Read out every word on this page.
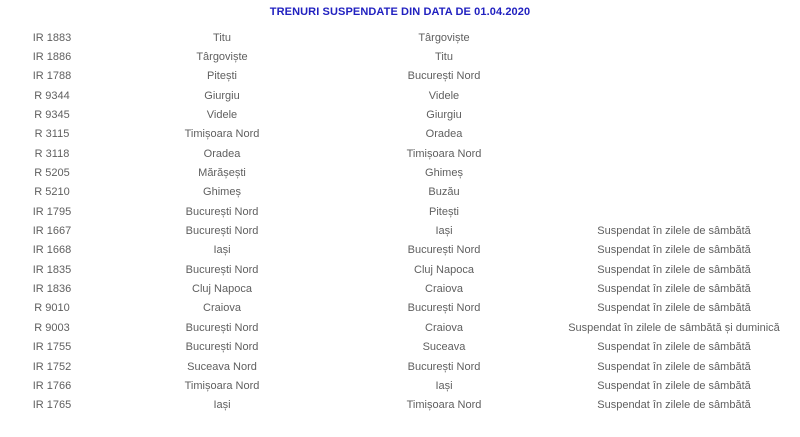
TRENURI SUSPENDATE DIN DATA DE 01.04.2020
IR 1883	Titu	Târgoviște	
IR 1886	Târgoviște	Titu	
IR 1788	Pitești	București Nord	
R 9344	Giurgiu	Videle	
R 9345	Videle	Giurgiu	
R 3115	Timișoara Nord	Oradea	
R 3118	Oradea	Timișoara Nord	
R 5205	Mărășești	Ghimeș	
R 5210	Ghimeș	Buzău	
IR 1795	București Nord	Pitești	
IR 1667	București Nord	Iași	Suspendat în zilele de sâmbătă
IR 1668	Iași	București Nord	Suspendat în zilele de sâmbătă
IR 1835	București Nord	Cluj Napoca	Suspendat în zilele de sâmbătă
IR 1836	Cluj Napoca	Craiova	Suspendat în zilele de sâmbătă
R 9010	Craiova	București Nord	Suspendat în zilele de sâmbătă
R 9003	București Nord	Craiova	Suspendat în zilele de sâmbătă și duminică
IR 1755	București Nord	Suceava	Suspendat în zilele de sâmbătă
IR 1752	Suceava Nord	București Nord	Suspendat în zilele de sâmbătă
IR 1766	Timișoara Nord	Iași	Suspendat în zilele de sâmbătă
IR 1765	Iași	Timișoara Nord	Suspendat în zilele de sâmbătă
